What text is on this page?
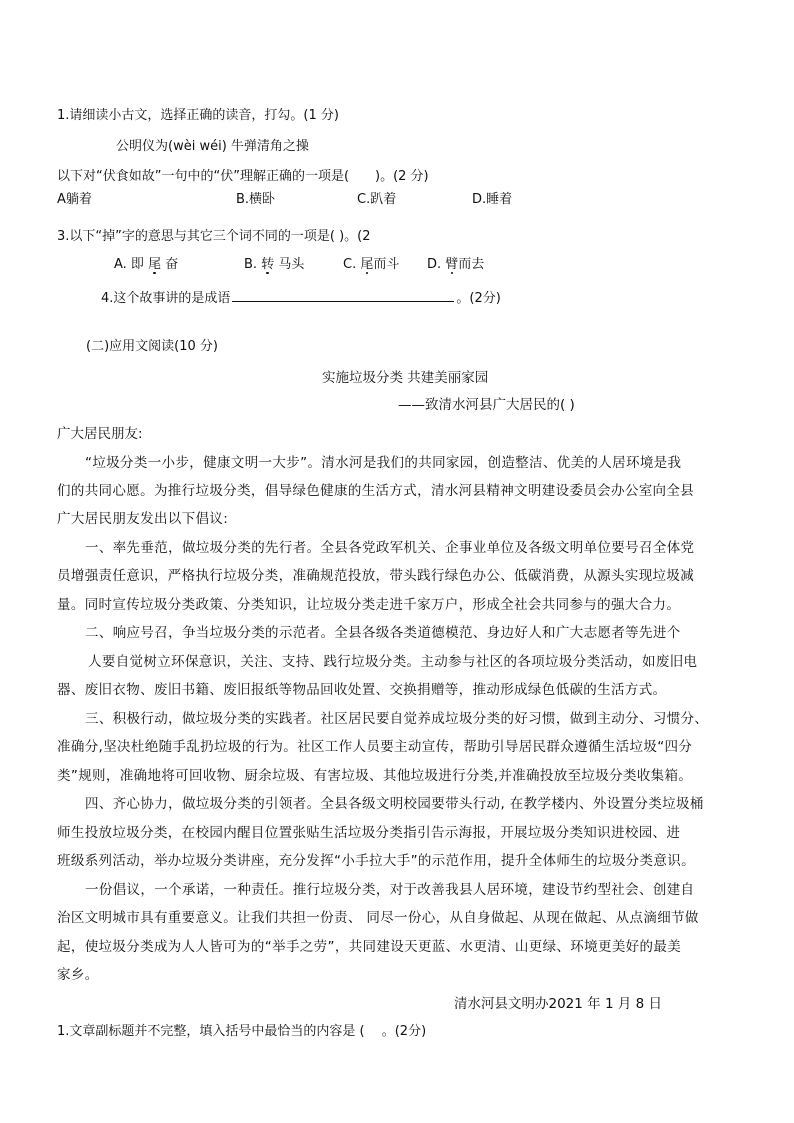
1.请细读小古文，选择正确的读音，打勾。(1 分)
公明仪为(wèi wéi) 牛弹清角之操
以下对“伏食如故”一句中的“伏”理解正确的一项是(　　)。(2 分)
A躺着	B.横卧	C.趴着	D.睡着
3.以下“掉”字的意思与其它三个词不同的一项是( )。(2
A. 即 尾 奋	B. 转 马头	C. 尾而斗 D. 臂而去
4.这个故事讲的是成语	。(2分)
(二)应用文阅读(10 分)
实施垃圾分类 共建美丽家园
——致清水河县广大居民的( )
广大居民朋友:
“垃圾分类一小步，健康文明一大步”。清水河是我们的共同家园，创造整洁、优美的人居环境是我
们的共同心愿。为推行垃圾分类，倡导绿色健康的生活方式，清水河县精神文明建设委员会办公室向全县
广大居民朋友发出以下倡议:
一、率先垂范，做垃圾分类的先行者。全县各党政军机关、企事业单位及各级文明单位要号召全体党
员增强责任意识，严格执行垃圾分类，准确规范投放，带头践行绿色办公、低碳消费，从源头实现垃圾减
量。同时宣传垃圾分类政策、分类知识，让垃圾分类走进千家万户，形成全社会共同参与的强大合力。
二、响应号召，争当垃圾分类的示范者。全县各级各类道德模范、身边好人和广大志愿者等先进个
人要自觉树立环保意识，关注、支持、践行垃圾分类。主动参与社区的各项垃圾分类活动，如废旧电
器、废旧衣物、废旧书籍、废旧报纸等物品回收处置、交换捐赠等，推动形成绿色低碳的生活方式。
三、积极行动，做垃圾分类的实践者。社区居民要自觉养成垃圾分类的好习惯，做到主动分、习惯分、
准确分,坚决杜绝随手乱扔垃圾的行为。社区工作人员要主动宣传，帮助引导居民群众遵循生活垃圾“四分
类”规则，准确地将可回收物、厨余垃圾、有害垃圾、其他垃圾进行分类,并准确投放至垃圾分类收集箱。
四、齐心协力，做垃圾分类的引领者。全县各级文明校园要带头行动, 在教学楼内、外设置分类垃圾桶
师生投放垃圾分类，在校园内醒目位置张贴生活垃圾分类指引告示海报，开展垃圾分类知识进校园、进
班级系列活动，举办垃圾分类讲座，充分发挥“小手拉大手”的示范作用，提升全体师生的垃圾分类意识。
一份倡议，一个承诺，一种责任。推行垃圾分类，对于改善我县人居环境，建设节约型社会、创建自
治区文明城市具有重要意义。让我们共担一份责、 同尽一份心，从自身做起、从现在做起、从点滴细节做
起，使垃圾分类成为人人皆可为的“举手之劳”，共同建设天更蓝、水更清、山更绿、环境更美好的最美
家乡。
清水河县文明办2021 年 1 月 8 日
1.文章副标题并不完整，填入括号中最恰当的内容是 (　 。(2分)
